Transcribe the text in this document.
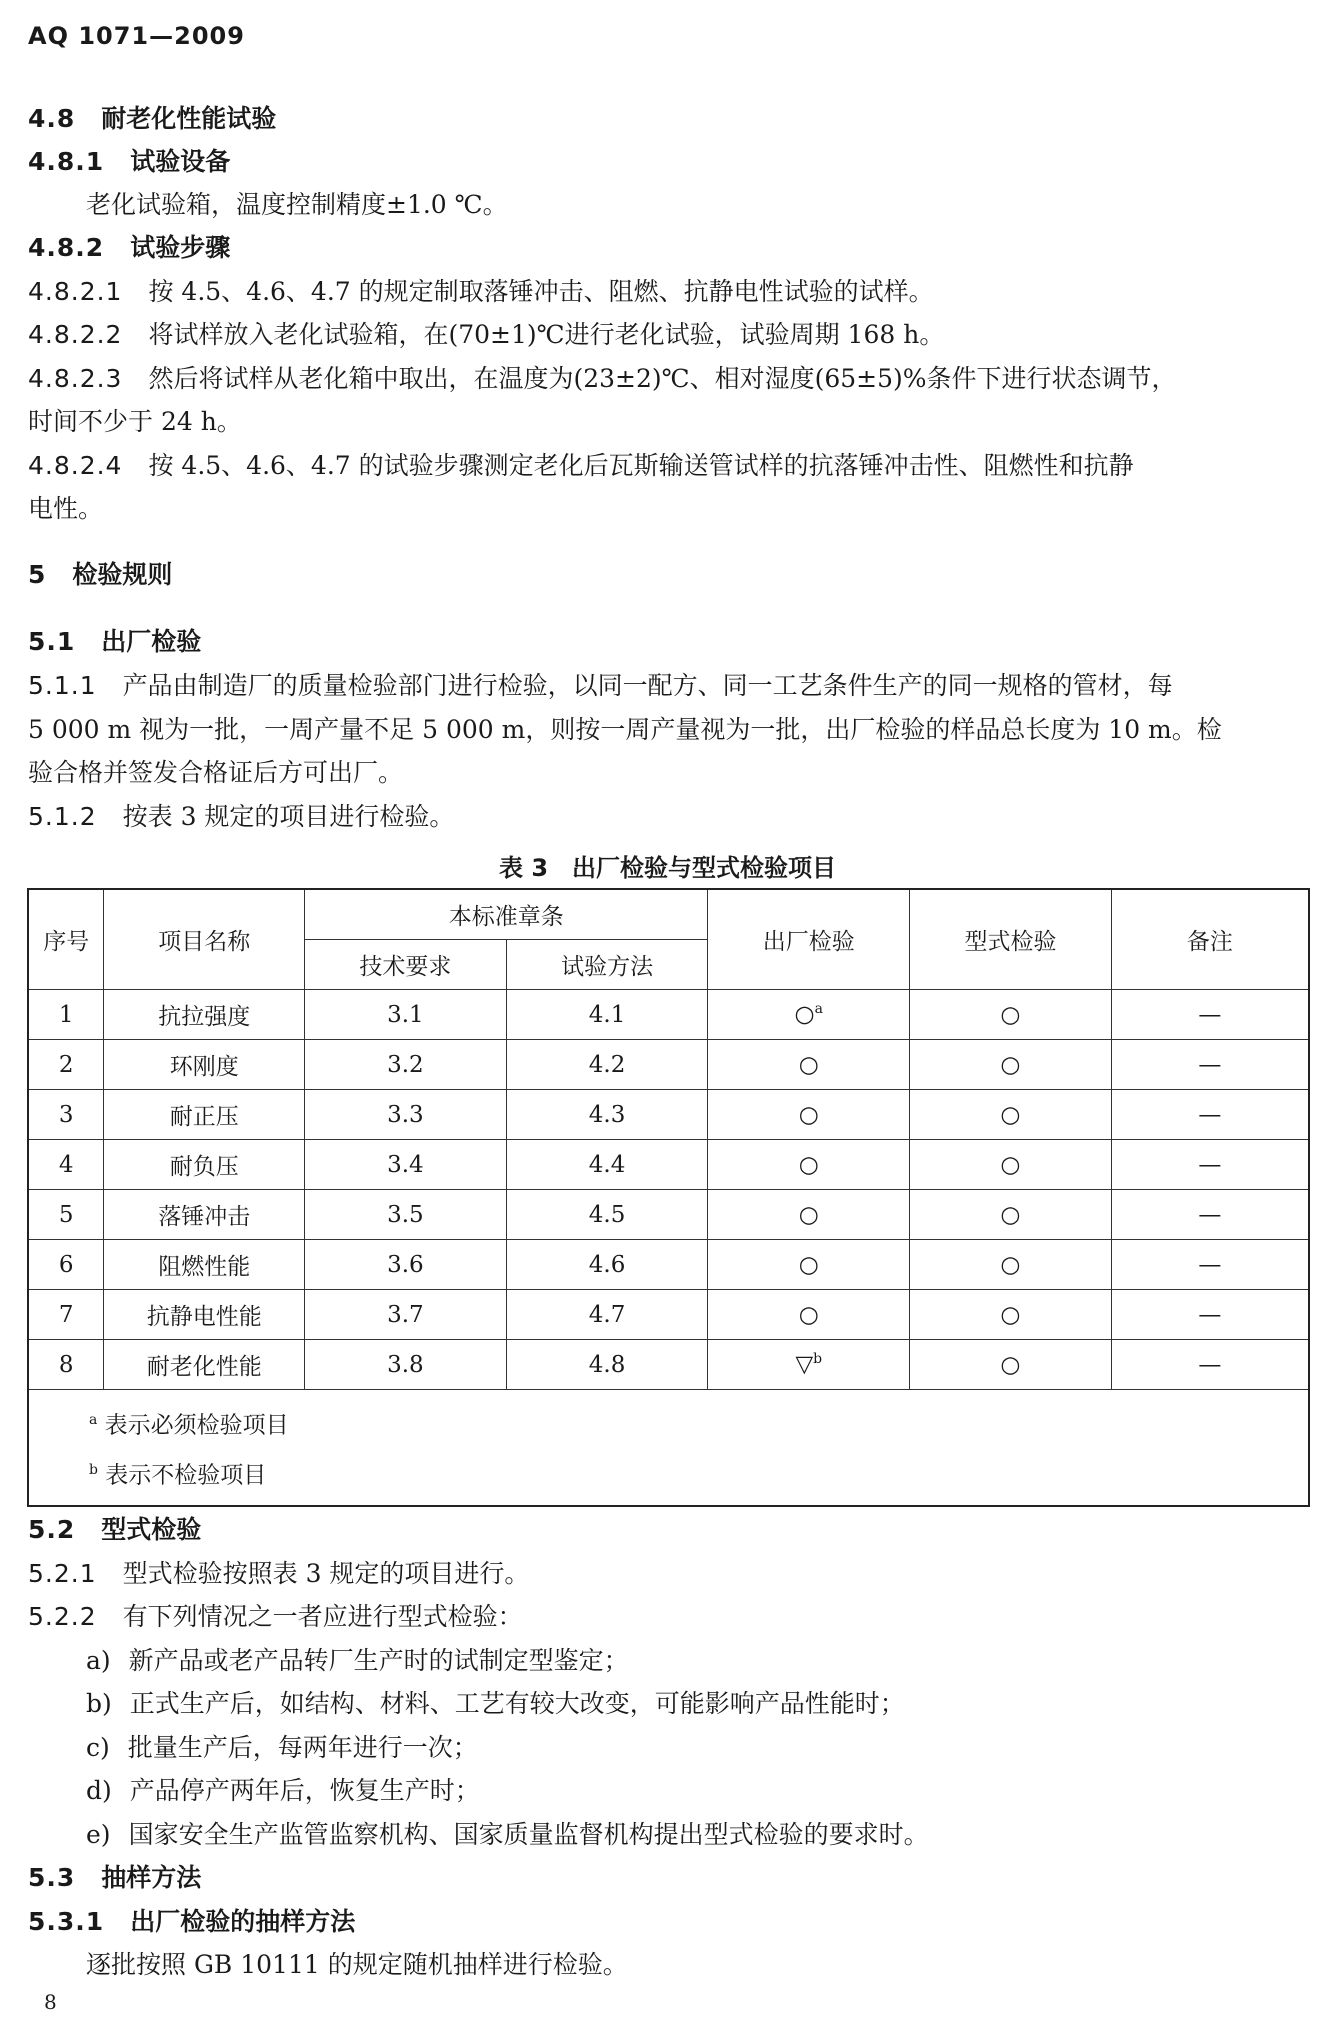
AQ 1071—2009
4.8 耐老化性能试验
4.8.1 试验设备
老化试验箱，温度控制精度±1.0 ℃。
4.8.2 试验步骤
4.8.2.1 按 4.5、4.6、4.7 的规定制取落锤冲击、阻燃、抗静电性试验的试样。
4.8.2.2 将试样放入老化试验箱，在(70±1)℃进行老化试验，试验周期 168 h。
4.8.2.3 然后将试样从老化箱中取出，在温度为(23±2)℃、相对湿度(65±5)%条件下进行状态调节，
时间不少于 24 h。
4.8.2.4 按 4.5、4.6、4.7 的试验步骤测定老化后瓦斯输送管试样的抗落锤冲击性、阻燃性和抗静
电性。
5 检验规则
5.1 出厂检验
5.1.1 产品由制造厂的质量检验部门进行检验，以同一配方、同一工艺条件生产的同一规格的管材，每
5 000 m 视为一批，一周产量不足 5 000 m，则按一周产量视为一批，出厂检验的样品总长度为 10 m。检
验合格并签发合格证后方可出厂。
5.1.2 按表 3 规定的项目进行检验。
表 3　出厂检验与型式检验项目
序号	项目名称	本标准章条		出厂检验	型式检验	备注
		技术要求	试验方法			
1	抗拉强度	3.1	4.1	○$^a$	○	—
2	环刚度	3.2	4.2	○	○	—
3	耐正压	3.3	4.3	○	○	—
4	耐负压	3.4	4.4	○	○	—
5	落锤冲击	3.5	4.5	○	○	—
6	阻燃性能	3.6	4.6	○	○	—
7	抗静电性能	3.7	4.7	○	○	—
8	耐老化性能	3.8	4.8	▽$^b$	○	—

$^a$ 表示必须检验项目
$^b$ 表示不检验项目						
5.2 型式检验
5.2.1 型式检验按照表 3 规定的项目进行。
5.2.2 有下列情况之一者应进行型式检验：
a) 新产品或老产品转厂生产时的试制定型鉴定；
b) 正式生产后，如结构、材料、工艺有较大改变，可能影响产品性能时；
c) 批量生产后，每两年进行一次；
d) 产品停产两年后，恢复生产时；
e) 国家安全生产监管监察机构、国家质量监督机构提出型式检验的要求时。
5.3 抽样方法
5.3.1 出厂检验的抽样方法
逐批按照 GB 10111 的规定随机抽样进行检验。
8
